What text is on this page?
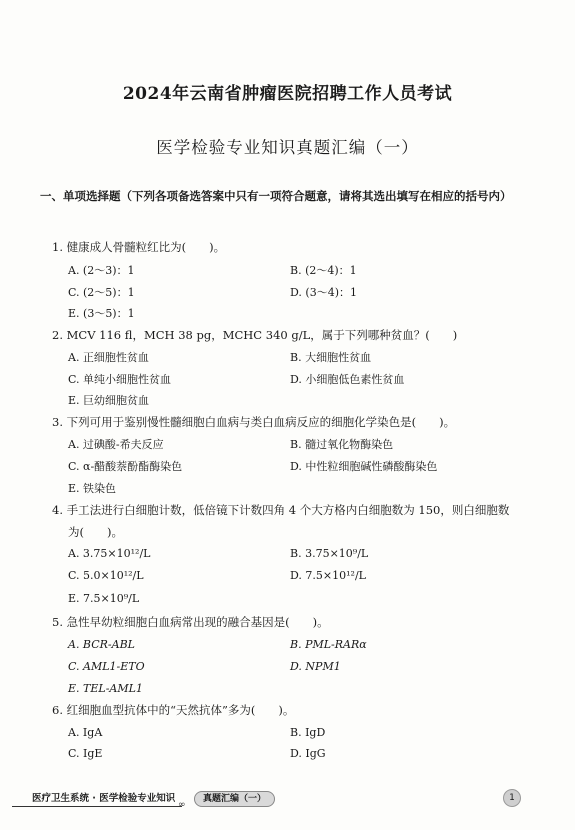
2024年云南省肿瘤医院招聘工作人员考试
医学检验专业知识真题汇编（一）
一、单项选择题（下列各项备选答案中只有一项符合题意，请将其选出填写在相应的括号内）
1. 健康成人骨髓粒红比为(　　)。
A. (2～3)：1	B. (2～4)：1
C. (2～5)：1	D. (3～4)：1
E. (3～5)：1
2. MCV 116 fl，MCH 38 pg，MCHC 340 g/L，属于下列哪种贫血？(　　)
A. 正细胞性贫血	B. 大细胞性贫血
C. 单纯小细胞性贫血	D. 小细胞低色素性贫血
E. 巨幼细胞贫血
3. 下列可用于鉴别慢性髓细胞白血病与类白血病反应的细胞化学染色是(　　)。
A. 过碘酸-希夫反应	B. 髓过氧化物酶染色
C. α-醋酸萘酚酯酶染色	D. 中性粒细胞碱性磷酸酶染色
E. 铁染色
4. 手工法进行白细胞计数，低倍镜下计数四角 4 个大方格内白细胞数为 150，则白细胞数
为(　　)。
A. 3.75×10¹²/L	B. 3.75×10⁹/L
C. 5.0×10¹²/L	D. 7.5×10¹²/L
E. 7.5×10⁹/L
5. 急性早幼粒细胞白血病常出现的融合基因是(　　)。
A. BCR-ABL	B. PML-RARα
C. AML1-ETO	D. NPM1
E. TEL-AML1
6. 红细胞血型抗体中的“天然抗体”多为(　　)。
A. IgA	B. IgD
C. IgE	D. IgG
医疗卫生系统 · 医学检验专业知识
∞
真题汇编（一）	1
